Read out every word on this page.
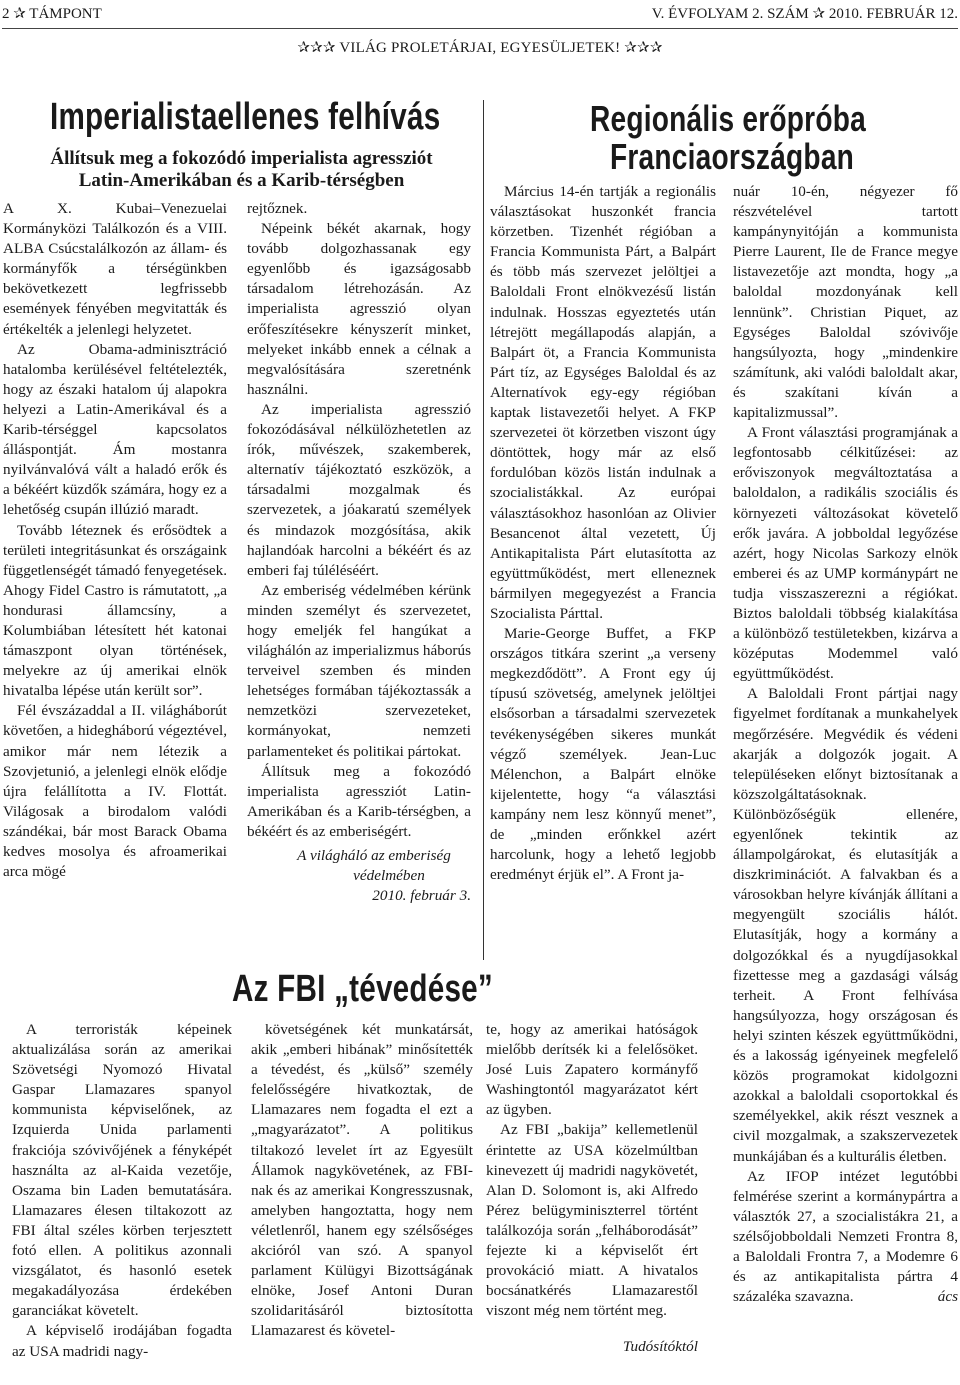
2 ✰ TÁMPONT	V. ÉVFOLYAM 2. SZÁM ✰ 2010. FEBRUÁR 12.
✰✰✰ VILÁG PROLETÁRJAI, EGYESÜLJETEK! ✰✰✰
Imperialistaellenes felhívás
Állítsuk meg a fokozódó imperialista agressziót
Latin-Amerikában és a Karib-térségben

A X. Kubai–Venezuelai Kormányközi Találkozón és a VIII. ALBA Csúcstalálkozón az állam- és kormányfők a térségünkben bekövetkezett legfrissebb események fényében megvitatták és értékelték a jelenlegi helyzetet.

Az Obama-adminisztráció hatalomba kerülésével feltételezték, hogy az északi hatalom új alapokra helyezi a Latin-Amerikával és a Karib-térséggel kapcsolatos álláspontját. Ám mostanra nyilvánvalóvá vált a haladó erők és a békéért küzdők számára, hogy ez a lehetőség csupán illúzió maradt.

Tovább léteznek és erősödtek a területi integritásunkat és országaink függetlenségét támadó fenyegetések. Ahogy Fidel Castro is rámutatott, „a hondurasi államcsíny, a Kolumbiában létesített hét katonai támaszpont olyan történések, melyekre az új amerikai elnök hivatalba lépése után került sor”.

Fél évszázaddal a II. világháborút követően, a hidegháború végeztével, amikor már nem létezik a Szovjetunió, a jelenlegi elnök elődje újra felállította a IV. Flottát. Világosak a birodalom valódi szándékai, bár most Barack Obama kedves mosolya és afroamerikai arca mögé

rejtőznek.

Népeink békét akarnak, hogy tovább dolgozhassanak egy egyenlőbb és igazságosabb társadalom létrehozásán. Az imperialista agresszió olyan erőfeszítésekre kényszerít minket, melyeket inkább ennek a célnak a megvalósítására szeretnénk használni.

Az imperialista agresszió fokozódásával nélkülözhetetlen az írók, művészek, szakemberek, alternatív tájékoztató eszközök, a társadalmi mozgalmak és szervezetek, a jóakaratú személyek és mindazok mozgósítása, akik hajlandóak harcolni a békéért és az emberi faj túléléséért.

Az emberiség védelmében kérünk minden személyt és szervezetet, hogy emeljék fel hangúkat a világhálón az imperializmus háborús terveivel szemben és minden lehetséges formában tájékoztassák a nemzetközi szervezeteket, kormányokat, nemzeti parlamenteket és politikai pártokat.

Állítsuk meg a fokozódó imperialista agressziót Latin-Amerikában és a Karib-térségben, a békéért és az emberiségért.

A világháló az emberiség

védelmében

2010. február 3.

Regionális erőpróba
Franciaországban

Március 14-én tartják a regionális választásokat huszonkét francia körzetben. Tizenhét régióban a Francia Kommunista Párt, a Balpárt és több más szervezet jelöltjei a Baloldali Front elnökvezésű listán indulnak. Hosszas egyeztetés után létrejött megállapodás alapján, a Balpárt öt, a Francia Kommunista Párt tíz, az Egységes Baloldal és az Alternatívok egy-egy régióban kaptak listavezetői helyet. A FKP szervezetei öt körzetben viszont úgy döntöttek, hogy már az első fordulóban közös listán indulnak a szocialistákkal. Az európai választásokhoz hasonlóan az Olivier Besancenot által vezetett, Új Antikapitalista Párt elutasította az együttműködést, mert elleneznek bármilyen megegyezést a Francia Szocialista Párttal.

Marie-George Buffet, a FKP országos titkára szerint „a verseny megkezdődött”. A Front egy új típusú szövetség, amelynek jelöltjei elsősorban a társadalmi szervezetek tevékenységében sikeres munkát végző személyek. Jean-Luc Mélenchon, a Balpárt elnöke kijelentette, hogy “a választási kampány nem lesz könnyű menet”, de „minden erőnkkel azért harcolunk, hogy a lehető legjobb eredményt érjük el”. A Front ja-

nuár 10-én, négyezer fő részvételével tartott kampánynyitóján a kommunista Pierre Laurent, Ile de France megye listavezetője azt mondta, hogy „a baloldal mozdonyának kell lennünk”. Christian Piquet, az Egységes Baloldal szóvivője hangsúlyozta, hogy „mindenkire számítunk, aki valódi baloldalt akar, és szakítani kíván a kapitalizmussal”.

A Front választási programjának a legfontosabb célkitűzései: az erőviszonyok megváltoztatása a baloldalon, a radikális szociális és környezeti változásokat követelő erők javára. A jobboldal legyőzése azért, hogy Nicolas Sarkozy elnök emberei és az UMP kormánypárt ne tudja visszaszerezni a régiókat. Biztos baloldali többség kialakítása a különböző testületekben, kizárva a középutas Modemmel való együttműködést.

A Baloldali Front pártjai nagy figyelmet fordítanak a munkahelyek megőrzésére. Megvédik és védeni akarják a dolgozók jogait. A településeken előnyt biztosítanak a közszolgáltatásoknak. Különbözőségük ellenére, egyenlőnek tekintik az állampolgárokat, és elutasítják a diszkriminációt. A falvakban és a városokban helyre kívánják állítani a megyengült szociális hálót. Elutasítják, hogy a kormány a dolgozókkal és a nyugdíjasokkal fizettesse meg a gazdasági válság terheit. A Front felhívása hangsúlyozza, hogy országosan és helyi szinten készek együttműködni, és a lakosság igényeinek megfelelő közös programokat kidolgozni azokkal a baloldali csoportokkal és személyekkel, akik részt vesznek a civil mozgalmak, a szakszervezetek munkájában és a kulturális életben.

Az IFOP intézet legutóbbi felmérése szerint a kormánypártra a választók 27, a szocialistákra 21, a szélsőjobboldali Nemzeti Frontra 8, a Baloldali Frontra 7, a Modemre 6 és az antikapitalista pártra 4 százaléka szavazna.	ács

Az FBI „tévedése”

A terroristák képeinek aktualizálása során az amerikai Szövetségi Nyomozó Hivatal Gaspar Llamazares spanyol kommunista képviselőnek, az Izquierda Unida parlamenti frakciója szóvivőjének a fényképét használta az al-Kaida vezetője, Oszama bin Laden bemutatására. Llamazares élesen tiltakozott az FBI által széles körben terjesztett fotó ellen. A politikus azonnali vizsgálatot, és hasonló esetek megakadályozása érdekében garanciákat követelt.

A képviselő irodájában fogadta az USA madridi nagy-

követségének két munkatársát, akik „emberi hibának” minősítették a tévedést, és „külső” személy felelősségére hivatkoztak, de Llamazares nem fogadta el ezt a „magyarázatot”. A politikus tiltakozó levelet írt az Egyesült Államok nagykövetének, az FBI-nak és az amerikai Kongresszusnak, amelyben hangoztatta, hogy nem véletlenről, hanem egy szélsőséges akcióról van szó. A spanyol parlament Külügyi Bizottságának elnöke, Josef Antoni Duran szolidaritásáról biztosította Llamazarest és követel-

te, hogy az amerikai hatóságok mielőbb derítsék ki a felelősöket. José Luis Zapatero kormányfő Washingtontól magyarázatot kért az ügyben.

Az FBI „bakija” kellemetlenül érintette az USA közelmúltban kinevezett új madridi nagykövetét, Alan D. Solomont is, aki Alfredo Pérez belügyminiszterrel történt találkozója során „felháborodását” fejezte ki a képviselőt ért provokáció miatt. A hivatalos bocsánatkérés Llamazarestől viszont még nem történt meg.

Tudósítóktól
